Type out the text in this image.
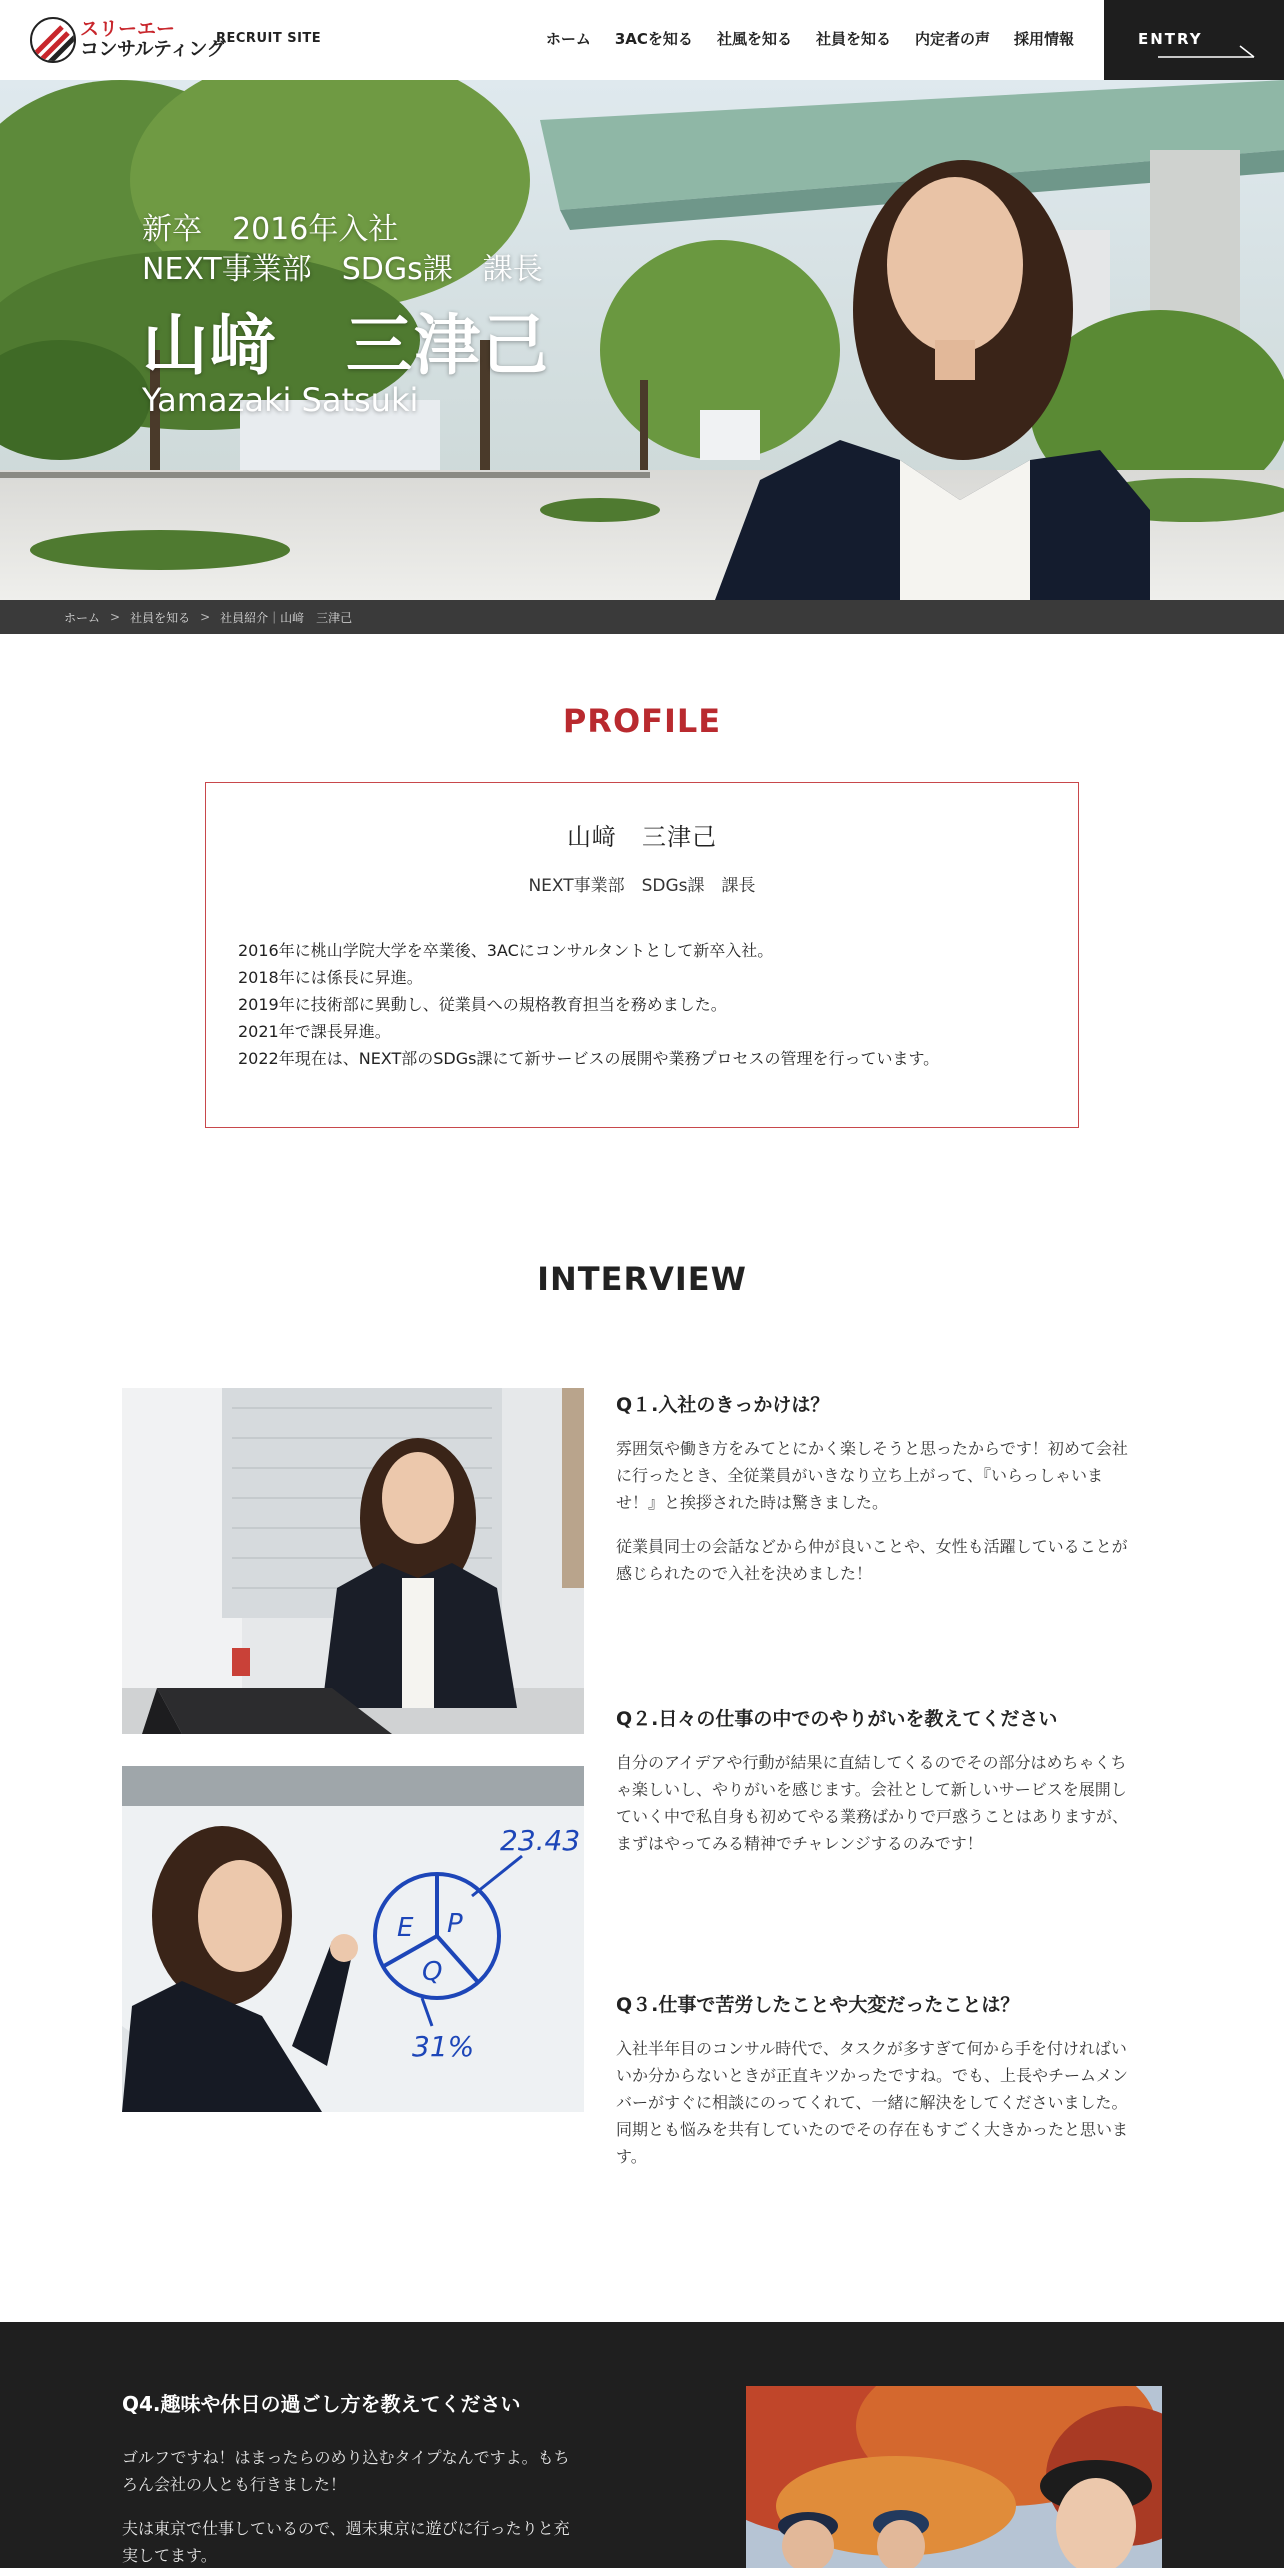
スリーエー
コンサルティング
RECRUIT SITE	ホーム 3ACを知る 社風を知る 社員を知る 内定者の声 採用情報	ENTRY
新卒　2016年入社
NEXT事業部　SDGs課　課長
山﨑　三津己
Yamazaki Satsuki
ホーム > 社員を知る > 社員紹介｜山﨑　三津己
PROFILE
山﨑　三津己
NEXT事業部　SDGs課　課長
2016年に桃山学院大学を卒業後、3ACにコンサルタントとして新卒入社。
2018年には係長に昇進。
2019年に技術部に異動し、従業員への規格教育担当を務めました。
2021年で課長昇進。
2022年現在は、NEXT部のSDGs課にて新サービスの展開や業務プロセスの管理を行っています。
INTERVIEW
E P
Q
23.43
31%
Q１.入社のきっかけは？

雰囲気や働き方をみてとにかく楽しそうと思ったからです！初めて会社に行ったとき、全従業員がいきなり立ち上がって、『いらっしゃいませ！』と挨拶された時は驚きました。

従業員同士の会話などから仲が良いことや、女性も活躍していることが感じられたので入社を決めました！

Q２.日々の仕事の中でのやりがいを教えてください

自分のアイデアや行動が結果に直結してくるのでその部分はめちゃくちゃ楽しいし、やりがいを感じます。会社として新しいサービスを展開していく中で私自身も初めてやる業務ばかりで戸惑うことはありますが、まずはやってみる精神でチャレンジするのみです！

Q３.仕事で苦労したことや大変だったことは？

入社半年目のコンサル時代で、タスクが多すぎて何から手を付ければいいか分からないときが正直キツかったですね。でも、上長やチームメンバーがすぐに相談にのってくれて、一緒に解決をしてくださいました。 同期とも悩みを共有していたのでその存在もすごく大きかったと思います。

Q4.趣味や休日の過ごし方を教えてください

ゴルフですね！はまったらのめり込むタイプなんですよ。もちろん会社の人とも行きました！

夫は東京で仕事しているので、週末東京に遊びに行ったりと充実してます。
